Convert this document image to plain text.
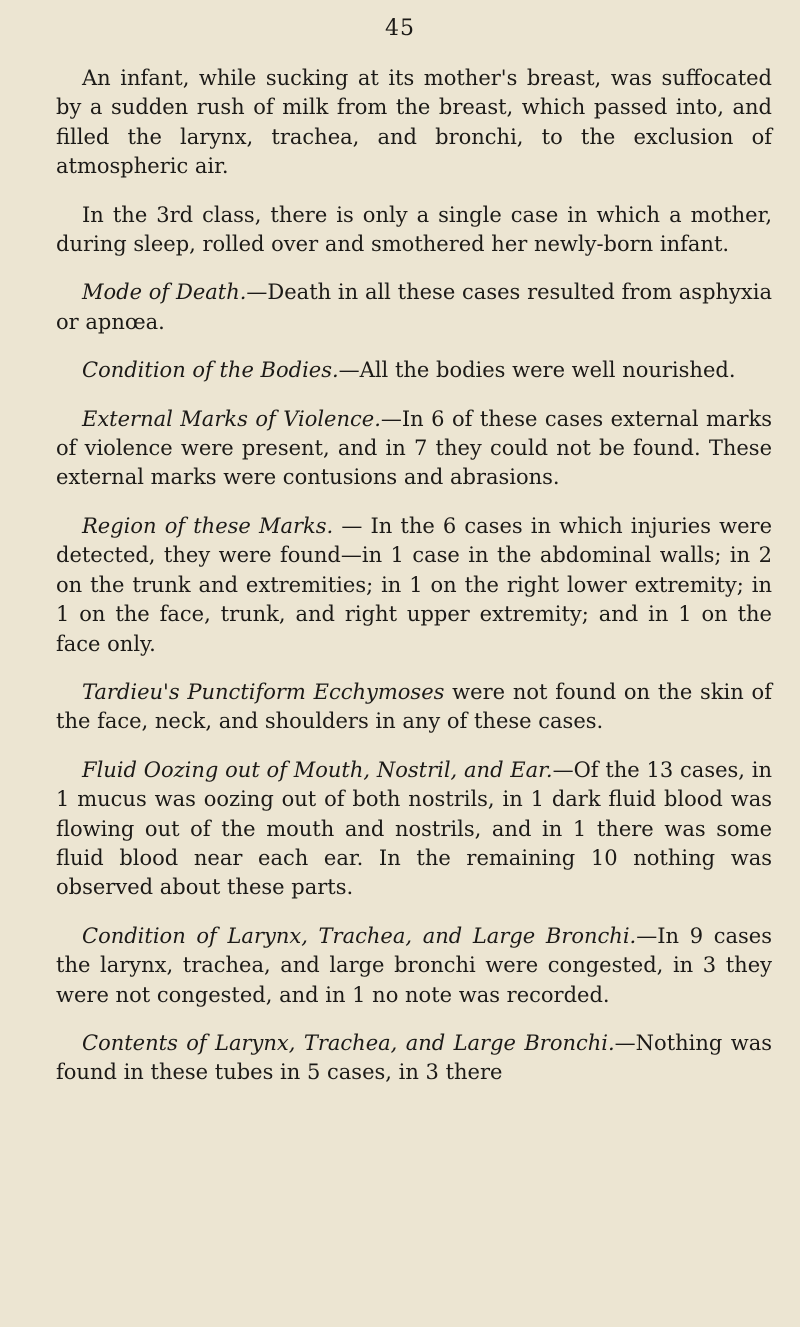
45

An infant, while sucking at its mother's breast, was suffocated by a sudden rush of milk from the breast, which passed into, and filled the larynx, trachea, and bronchi, to the exclusion of atmospheric air.

In the 3rd class, there is only a single case in which a mother, during sleep, rolled over and smothered her newly-born infant.

Mode of Death.—Death in all these cases resulted from asphyxia or apnœa.

Condition of the Bodies.—All the bodies were well nourished.

External Marks of Violence.—In 6 of these cases external marks of violence were present, and in 7 they could not be found. These external marks were contusions and abrasions.

Region of these Marks. — In the 6 cases in which injuries were detected, they were found—in 1 case in the abdominal walls; in 2 on the trunk and extremities; in 1 on the right lower extremity; in 1 on the face, trunk, and right upper extremity; and in 1 on the face only.

Tardieu's Punctiform Ecchymoses were not found on the skin of the face, neck, and shoulders in any of these cases.

Fluid Oozing out of Mouth, Nostril, and Ear.—Of the 13 cases, in 1 mucus was oozing out of both nostrils, in 1 dark fluid blood was flowing out of the mouth and nostrils, and in 1 there was some fluid blood near each ear. In the remaining 10 nothing was observed about these parts.

Condition of Larynx, Trachea, and Large Bronchi.—In 9 cases the larynx, trachea, and large bronchi were congested, in 3 they were not congested, and in 1 no note was recorded.

Contents of Larynx, Trachea, and Large Bronchi.—Nothing was found in these tubes in 5 cases, in 3 there
